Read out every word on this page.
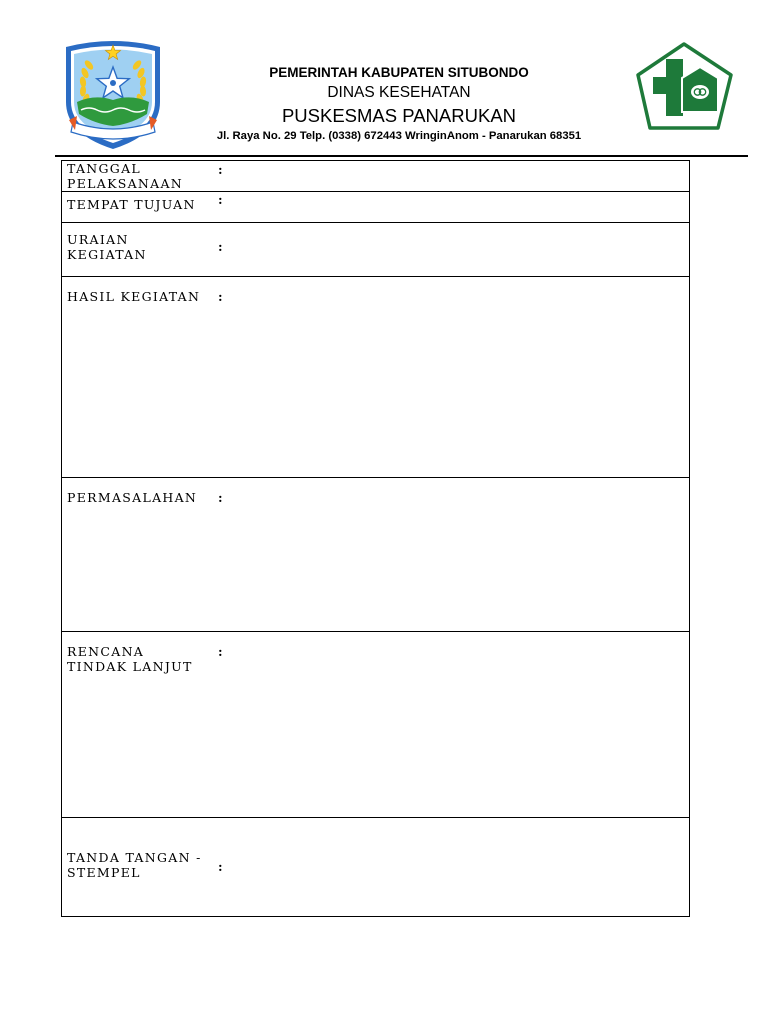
PEMERINTAH KABUPATEN SITUBONDO
DINAS KESEHATAN
PUSKESMAS PANARUKAN
Jl. Raya No. 29 Telp. (0338) 672443 WringinAnom - Panarukan 68351
TANGGAL
PELAKSANAAN
:
TEMPAT TUJUAN :
URAIAN
KEGIATAN
:
HASIL KEGIATAN :
PERMASALAHAN :
RENCANA
TINDAK LANJUT
:
TANDA TANGAN -
STEMPEL	:
